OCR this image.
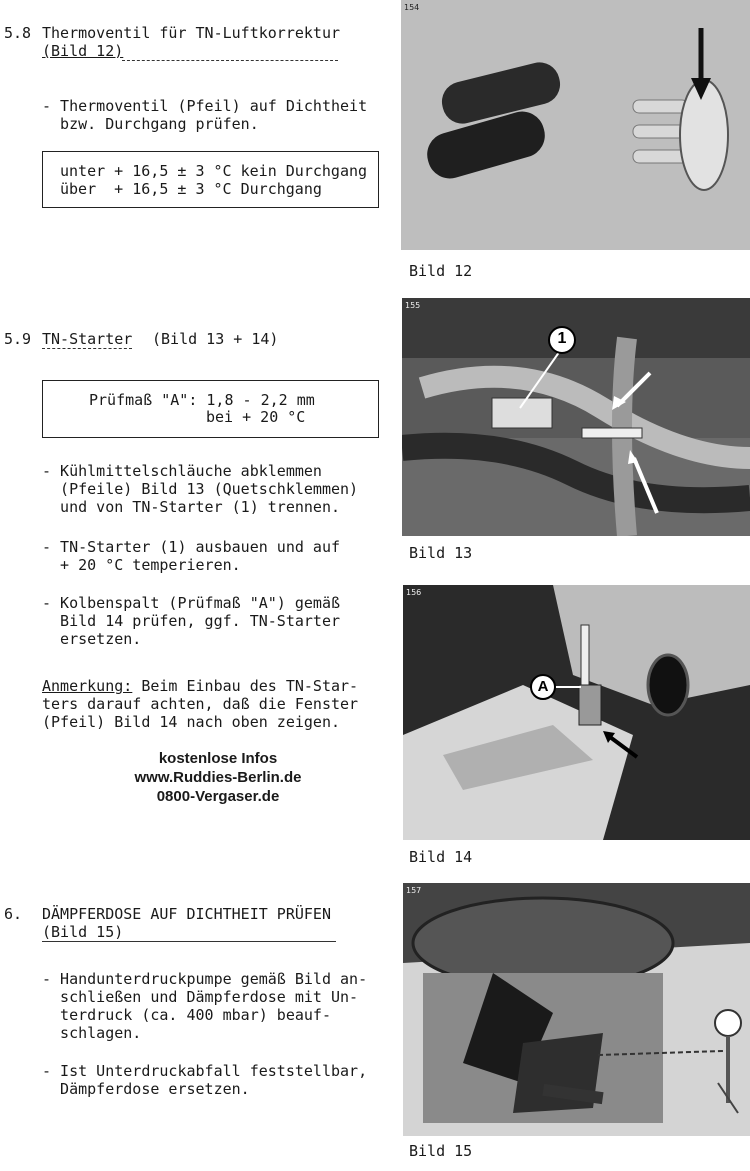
5.8 Thermoventil für TN-Luftkorrektur
(Bild 12)
- Thermoventil (Pfeil) auf Dichtheit
bzw. Durchgang prüfen.
unter + 16,5 ± 3 °C kein Durchgang
über  + 16,5 ± 3 °C Durchgang
154
Bild 12
5.9 TN-Starter (Bild 13 + 14)
Prüfmaß "A": 1,8 - 2,2 mm
bei + 20 °C
- Kühlmittelschläuche abklemmen
(Pfeile) Bild 13 (Quetschklemmen)
und von TN-Starter (1) trennen.
- TN-Starter (1) ausbauen und auf
+ 20 °C temperieren.
- Kolbenspalt (Prüfmaß "A") gemäß
Bild 14 prüfen, ggf. TN-Starter
ersetzen.
Anmerkung: Beim Einbau des TN-Star-
ters darauf achten, daß die Fenster
(Pfeil) Bild 14 nach oben zeigen.
1
155
Bild 13
kostenlose Infos
www.Ruddies-Berlin.de
0800-Vergaser.de
A
156
Bild 14
6. DÄMPFERDOSE AUF DICHTHEIT PRÜFEN
(Bild 15)
- Handunterdruckpumpe gemäß Bild an-
schließen und Dämpferdose mit Un-
terdruck (ca. 400 mbar) beauf-
schlagen.
- Ist Unterdruckabfall feststellbar,
Dämpferdose ersetzen.
157
Bild 15
